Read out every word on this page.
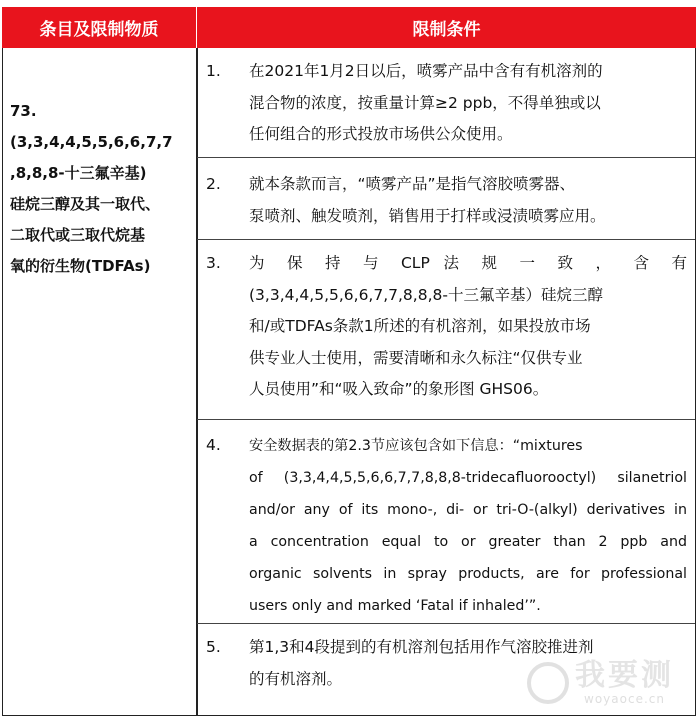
条目及限制物质	限制条件
73.
(3,3,4,4,5,5,6,6,7,7
,8,8,8-十三氟辛基)
硅烷三醇及其一取代、
二取代或三取代烷基
氧的衍生物(TDFAs)
1. 在2021年1月2日以后，喷雾产品中含有有机溶剂的
混合物的浓度，按重量计算≥2 ppb，不得单独或以
任何组合的形式投放市场供公众使用。
2. 就本条款而言，“喷雾产品”是指气溶胶喷雾器、
泵喷剂、触发喷剂，销售用于打样或浸渍喷雾应用。
3. 为 保 持 与 CLP 法 规 一 致 ， 含 有
(3,3,4,4,5,5,6,6,7,7,8,8,8-十三氟辛基）硅烷三醇
和/或TDFAs条款1所述的有机溶剂，如果投放市场
供专业人士使用，需要清晰和永久标注“仅供专业
人员使用”和“吸入致命”的象形图 GHS06。
4. 安全数据表的第2.3节应该包含如下信息：“mixtures
of (3,3,4,4,5,5,6,6,7,7,8,8,8-tridecafluorooctyl) silanetriol
and/or any of its mono-, di- or tri-O-(alkyl) derivatives in
a concentration equal to or greater than 2 ppb and
organic solvents in spray products, are for professional
users only and marked ‘Fatal if inhaled’”.
5. 第1,3和4段提到的有机溶剂包括用作气溶胶推进剂
的有机溶剂。	我要测
woyaoce.cn
